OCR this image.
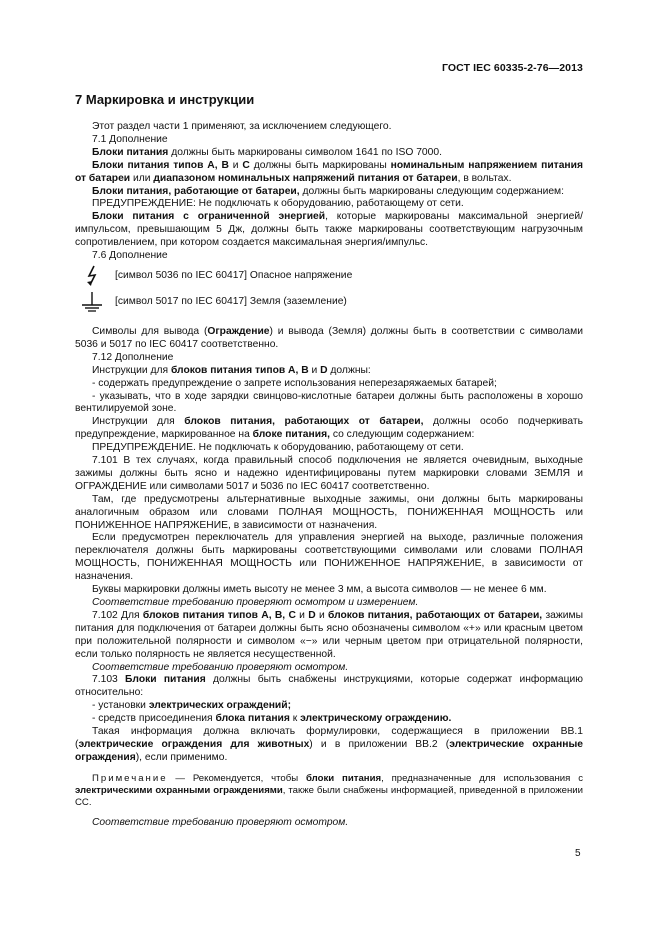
ГОСТ IEC 60335-2-76—2013
7 Маркировка и инструкции

Этот раздел части 1 применяют, за исключением следующего.

7.1 Дополнение

Блоки питания должны быть маркированы символом 1641 по ISO 7000.

Блоки питания типов А, В и С должны быть маркированы номинальным напряжением питания от батареи или диапазоном номинальных напряжений питания от батареи, в вольтах.

Блоки питания, работающие от батареи, должны быть маркированы следующим содержанием:

ПРЕДУПРЕЖДЕНИЕ: Не подключать к оборудованию, работающему от сети.

Блоки питания с ограниченной энергией, которые маркированы максимальной энергией/импульсом, превышающим 5 Дж, должны быть также маркированы соответствующим нагрузочным сопротивлением, при котором создается максимальная энергия/импульс.

7.6 Дополнение

[символ 5036 по IEC 60417] Опасное напряжение
[символ 5017 по IEC 60417] Земля (заземление)

Символы для вывода (Ограждение) и вывода (Земля) должны быть в соответствии с символами 5036 и 5017 по IEC 60417 соответственно.

7.12 Дополнение

Инструкции для блоков питания типов А, В и D должны:

- содержать предупреждение о запрете использования неперезаряжаемых батарей;

- указывать, что в ходе зарядки свинцово-кислотные батареи должны быть расположены в хорошо вентилируемой зоне.

Инструкции для блоков питания, работающих от батареи, должны особо подчеркивать предупреждение, маркированное на блоке питания, со следующим содержанием:

ПРЕДУПРЕЖДЕНИЕ. Не подключать к оборудованию, работающему от сети.

7.101 В тех случаях, когда правильный способ подключения не является очевидным, выходные зажимы должны быть ясно и надежно идентифицированы путем маркировки словами ЗЕМЛЯ и ОГРАЖДЕНИЕ или символами 5017 и 5036 по IEC 60417 соответственно.

Там, где предусмотрены альтернативные выходные зажимы, они должны быть маркированы аналогичным образом или словами ПОЛНАЯ МОЩНОСТЬ, ПОНИЖЕННАЯ МОЩНОСТЬ или ПОНИЖЕННОЕ НАПРЯЖЕНИЕ, в зависимости от назначения.

Если предусмотрен переключатель для управления энергией на выходе, различные положения переключателя должны быть маркированы соответствующими символами или словами ПОЛНАЯ МОЩНОСТЬ, ПОНИЖЕННАЯ МОЩНОСТЬ или ПОНИЖЕННОЕ НАПРЯЖЕНИЕ, в зависимости от назначения.

Буквы маркировки должны иметь высоту не менее 3 мм, а высота символов — не менее 6 мм.

Соответствие требованию проверяют осмотром и измерением.

7.102 Для блоков питания типов А, В, С и D и блоков питания, работающих от батареи, зажимы питания для подключения от батареи должны быть ясно обозначены символом «+» или красным цветом при положительной полярности и символом «−» или черным цветом при отрицательной полярности, если только полярность не является несущественной.

Соответствие требованию проверяют осмотром.

7.103 Блоки питания должны быть снабжены инструкциями, которые содержат информацию относительно:

- установки электрических ограждений;

- средств присоединения блока питания к электрическому ограждению.

Такая информация должна включать формулировки, содержащиеся в приложении ВВ.1 (электрические ограждения для животных) и в приложении ВВ.2 (электрические охранные ограждения), если применимо.

Примечание — Рекомендуется, чтобы блоки питания, предназначенные для использования с электрическими охранными ограждениями, также были снабжены информацией, приведенной в приложении СС.

Соответствие требованию проверяют осмотром.

5
